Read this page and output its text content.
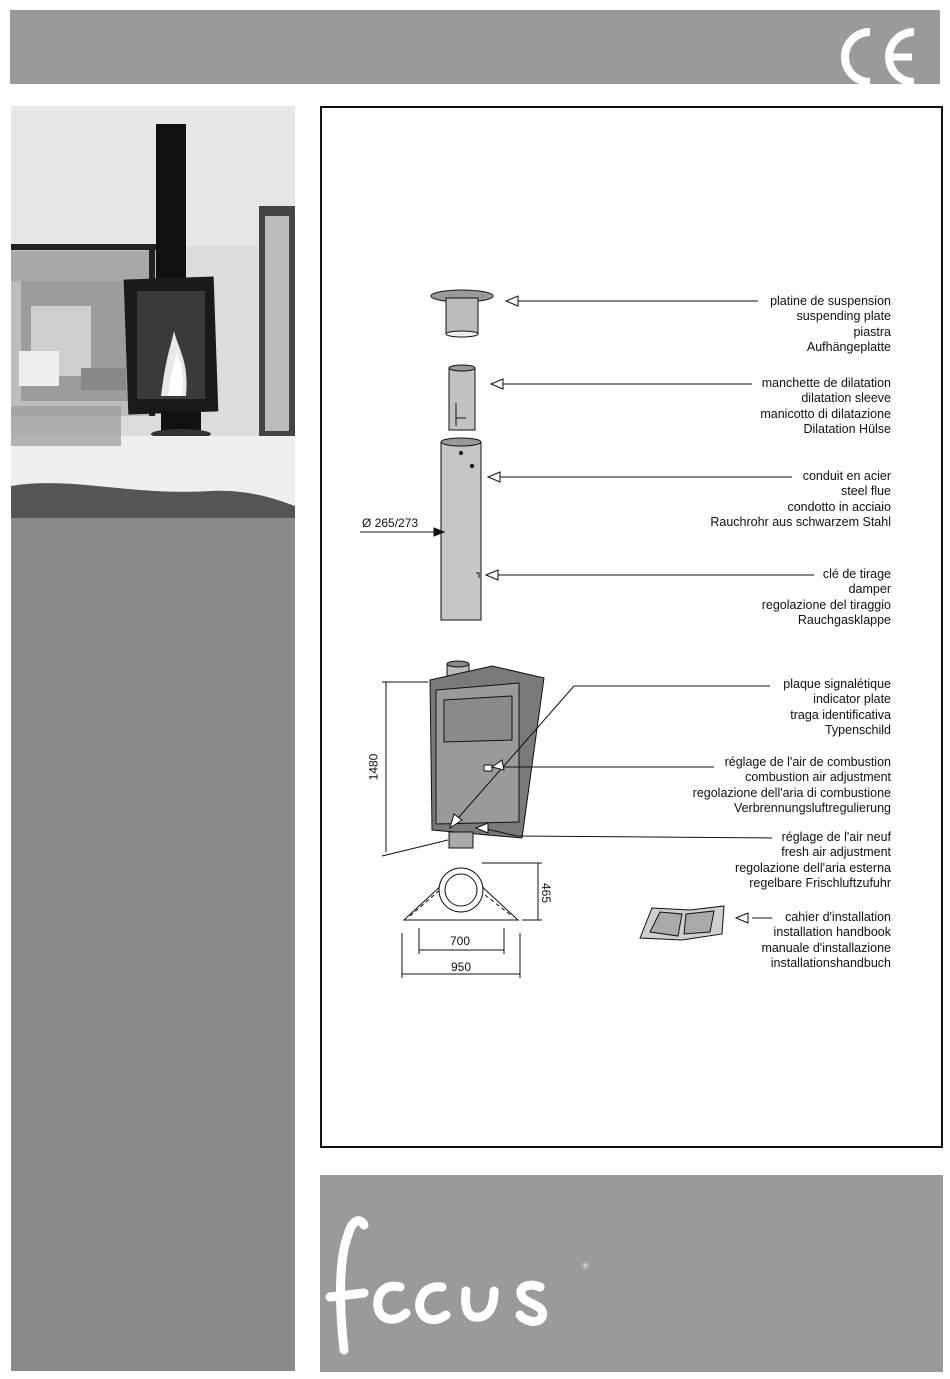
platine de suspension
suspending plate
piastra
Aufhängeplatte
manchette de dilatation
dilatation sleeve
manicotto di dilatazione
Dilatation Hülse
conduit en acier
steel flue
condotto in acciaio
Rauchrohr aus schwarzem Stahl
clé de tirage
damper
regolazione del tiraggio
Rauchgasklappe
plaque signalétique
indicator plate
traga identificativa
Typenschild
réglage de l'air de combustion
combustion air adjustment
regolazione dell'aria di combustione
Verbrennungsluftregulierung
réglage de l'air neuf
fresh air adjustment
regolazione dell'aria esterna
regelbare Frischluftzufuhr
cahier d'installation
installation handbook
manuale d'installazione
installationshandbuch
Ø 265/273
1480
465
700
950
®
